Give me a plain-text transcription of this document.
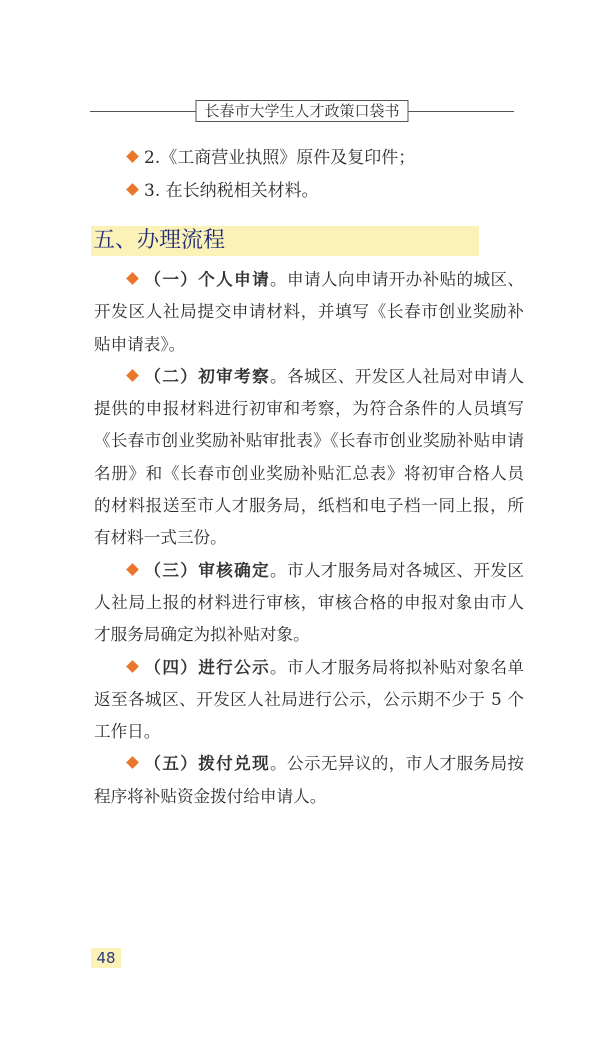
长春市大学生人才政策口袋书
2.《工商营业执照》原件及复印件；
3. 在长纳税相关材料。
五、办理流程

（一）个人申请。申请人向申请开办补贴的城区、开发区人社局提交申请材料，并填写《长春市创业奖励补贴申请表》。

（二）初审考察。各城区、开发区人社局对申请人提供的申报材料进行初审和考察，为符合条件的人员填写《长春市创业奖励补贴审批表》《长春市创业奖励补贴申请名册》和《长春市创业奖励补贴汇总表》将初审合格人员的材料报送至市人才服务局，纸档和电子档一同上报，所有材料一式三份。

（三）审核确定。市人才服务局对各城区、开发区人社局上报的材料进行审核，审核合格的申报对象由市人才服务局确定为拟补贴对象。

（四）进行公示。市人才服务局将拟补贴对象名单返至各城区、开发区人社局进行公示，公示期不少于 5 个工作日。

（五）拨付兑现。公示无异议的，市人才服务局按程序将补贴资金拨付给申请人。

48
